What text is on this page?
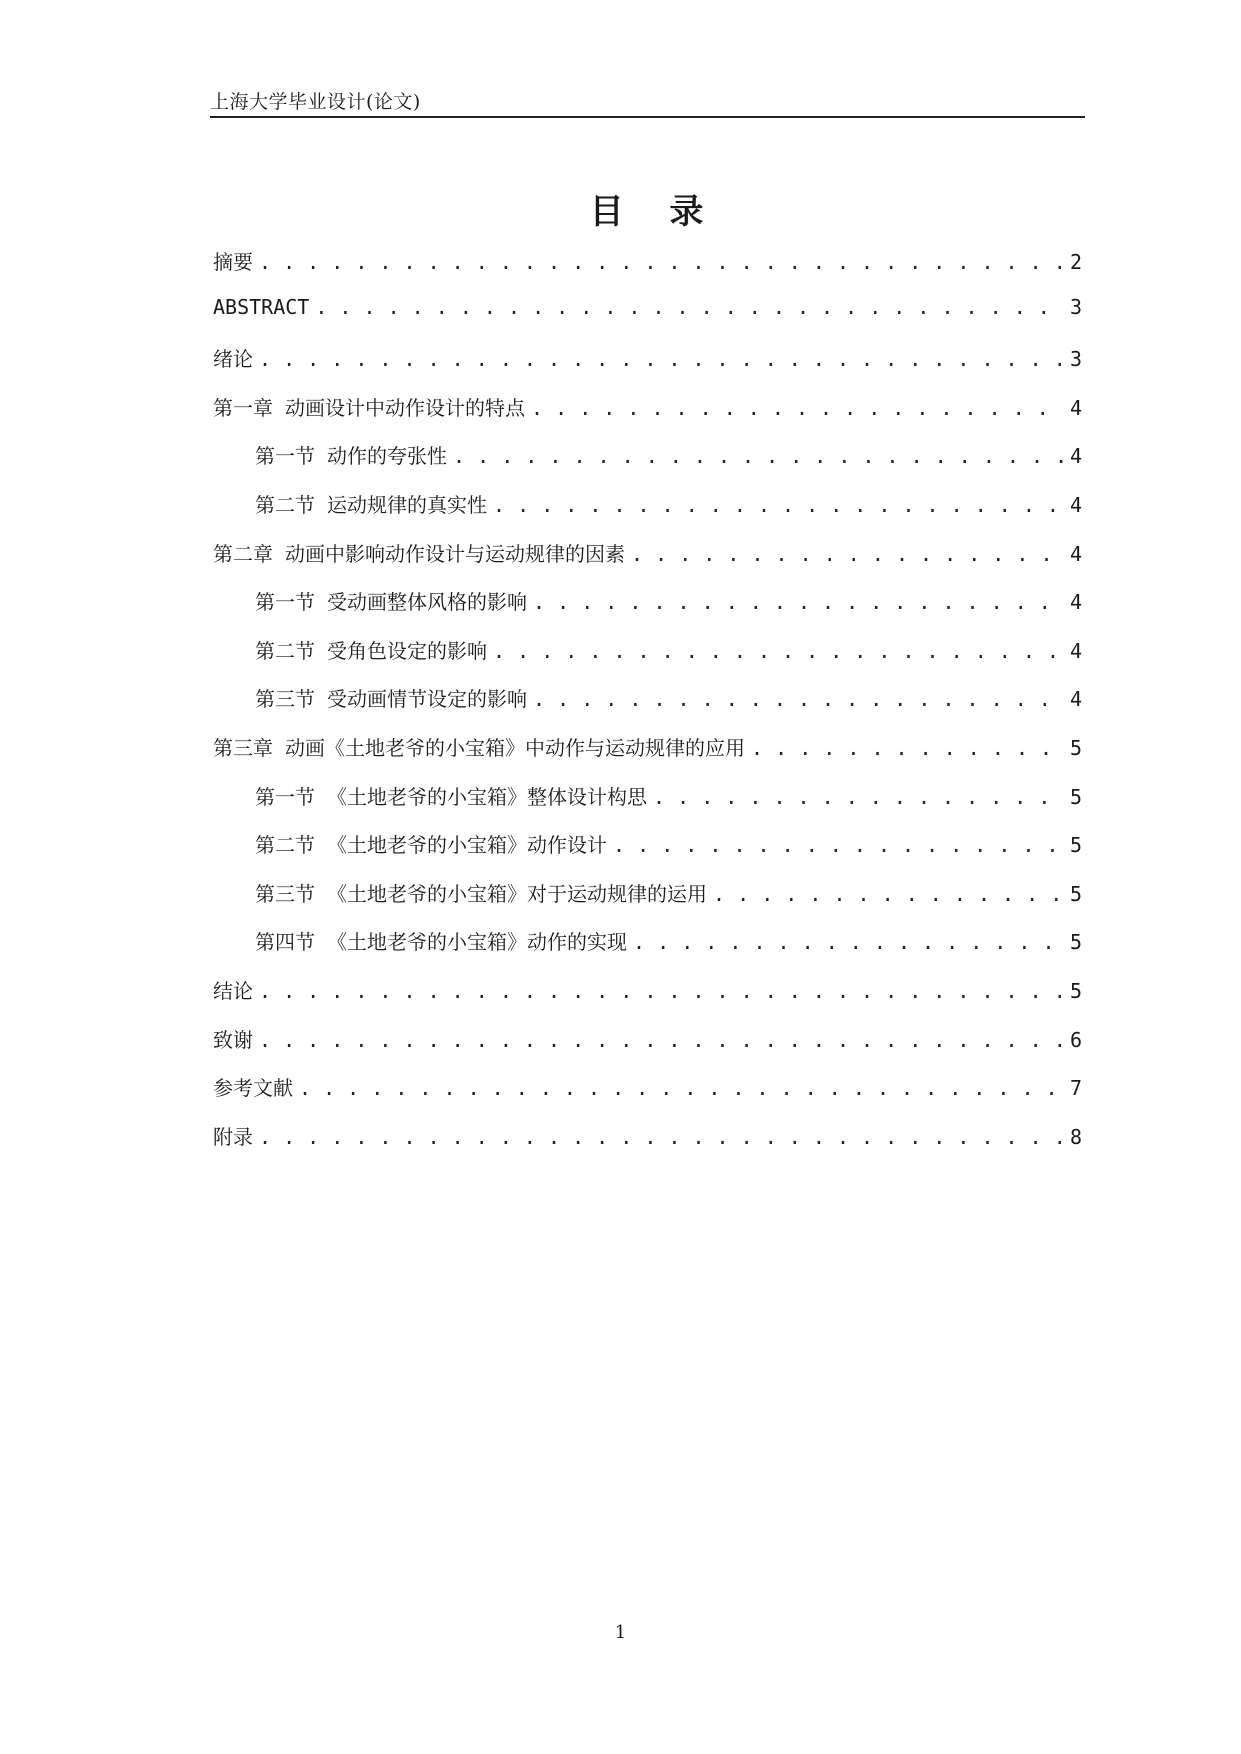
上海大学毕业设计(论文)
目 录
摘要 . . .	2
ABSTRACT . . .	3
绪论 . . .	3
第一章 动画设计中动作设计的特点 . . .	4
第一节 动作的夸张性 . . .	4
第二节 运动规律的真实性 . . .	4
第二章 动画中影响动作设计与运动规律的因素 . . .	4
第一节 受动画整体风格的影响 . . .	4
第二节 受角色设定的影响 . . .	4
第三节 受动画情节设定的影响 . . .	4
第三章 动画《土地老爷的小宝箱》中动作与运动规律的应用 . . .	5
第一节 《土地老爷的小宝箱》整体设计构思 . . .	5
第二节 《土地老爷的小宝箱》动作设计 . . .	5
第三节 《土地老爷的小宝箱》对于运动规律的运用 . . .	5
第四节 《土地老爷的小宝箱》动作的实现 . . .	5
结论 . . .	5
致谢 . . .	6
参考文献 . . .	7
附录 . . .	8
1
